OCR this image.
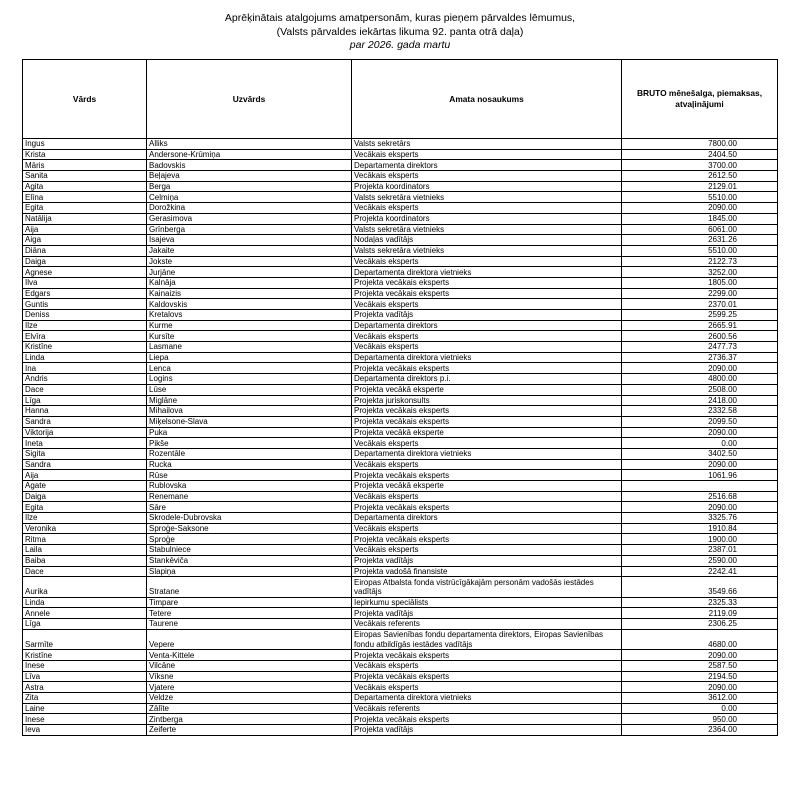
Aprēķinātais atalgojums amatpersonām, kuras pieņem pārvaldes lēmumus,
(Valsts pārvaldes iekārtas likuma 92. panta otrā daļa)
par 2026. gada martu
Vārds	Uzvārds	Amata nosaukums	BRUTO mēnešalga, piemaksas, atvaļinājumi
Ingus	Alliks	Valsts sekretārs	7800.00
Krista	Andersone-Krūmiņa	Vecākais eksperts	2404.50
Māris	Badovskis	Departamenta direktors	3700.00
Sanita	Beļajeva	Vecākais eksperts	2612.50
Agita	Berga	Projekta koordinators	2129.01
Elīna	Celmiņa	Valsts sekretāra vietnieks	5510.00
Egita	Dorožkina	Vecākais eksperts	2090.00
Natālija	Gerasimova	Projekta koordinators	1845.00
Aija	Grīnberga	Valsts sekretāra vietnieks	6061.00
Aiga	Isajeva	Nodaļas vadītājs	2631.26
Diāna	Jakaite	Valsts sekretāra vietnieks	5510.00
Daiga	Jokste	Vecākais eksperts	2122.73
Agnese	Jurjāne	Departamenta direktora vietnieks	3252.00
Ilva	Kalnāja	Projekta vecākais eksperts	1805.00
Edgars	Kainaizis	Projekta vecākais eksperts	2299.00
Guntis	Kaldovskis	Vecākais eksperts	2370.01
Deniss	Kretalovs	Projekta vadītājs	2599.25
Ilze	Kurme	Departamenta direktors	2665.91
Elvīra	Kursīte	Vecākais eksperts	2600.56
Kristīne	Lasmane	Vecākais eksperts	2477.73
Linda	Liepa	Departamenta direktora vietnieks	2736.37
Ina	Lenca	Projekta vecākais eksperts	2090.00
Andris	Logins	Departamenta direktors p.i.	4800.00
Dace	Lūse	Projekta vecākā eksperte	2508.00
Līga	Miglāne	Projekta juriskonsults	2418.00
Hanna	Mihailova	Projekta vecākais eksperts	2332.58
Sandra	Miķelsone-Slava	Projekta vecākais eksperts	2099.50
Viktorija	Puka	Projekta vecākā eksperte	2090.00
Ineta	Pikše	Vecākais eksperts	0.00
Sigita	Rozentāle	Departamenta direktora vietnieks	3402.50
Sandra	Rucka	Vecākais eksperts	2090.00
Aija	Rūse	Projekta vecākais eksperts	1061.96
Agate	Rublovska	Projekta vecākā eksperte	
Daiga	Renemane	Vecākais eksperts	2516.68
Egita	Sāre	Projekta vecākais eksperts	2090.00
Ilze	Skrodele-Dubrovska	Departamenta direktors	3325.76
Veronika	Sproģe-Saksone	Vecākais eksperts	1910.84
Ritma	Sproģe	Projekta vecākais eksperts	1900.00
Laila	Stabulniece	Vecākais eksperts	2387.01
Baiba	Stankēviča	Projekta vadītājs	2590.00
Dace	Slapiņa	Projekta vadošā finansiste	2242.41
Aurika	Stratane	Eiropas Atbalsta fonda vistrūcīgākajām personām vadošās iestādes vadītājs	3549.66
Linda	Timpare	Iepirkumu speciālists	2325.33
Annele	Tetere	Projekta vadītājs	2119.09
Līga	Taurene	Vecākais referents	2306.25
Sarmīte	Vepere	Eiropas Savienības fondu departamenta direktors, Eiropas Savienības fondu atbildīgās iestādes vadītājs	4680.00
Kristīne	Venta-Kittele	Projekta vecākais eksperts	2090.00
Inese	Vilcāne	Vecākais eksperts	2587.50
Līva	Vīksne	Projekta vecākais eksperts	2194.50
Astra	Vjatere	Vecākais eksperts	2090.00
Zita	Veldze	Departamenta direktora vietnieks	3612.00
Laine	Zālīte	Vecākais referents	0.00
Inese	Zintberga	Projekta vecākais eksperts	950.00
Ieva	Zeiferte	Projekta vadītājs	2364.00
